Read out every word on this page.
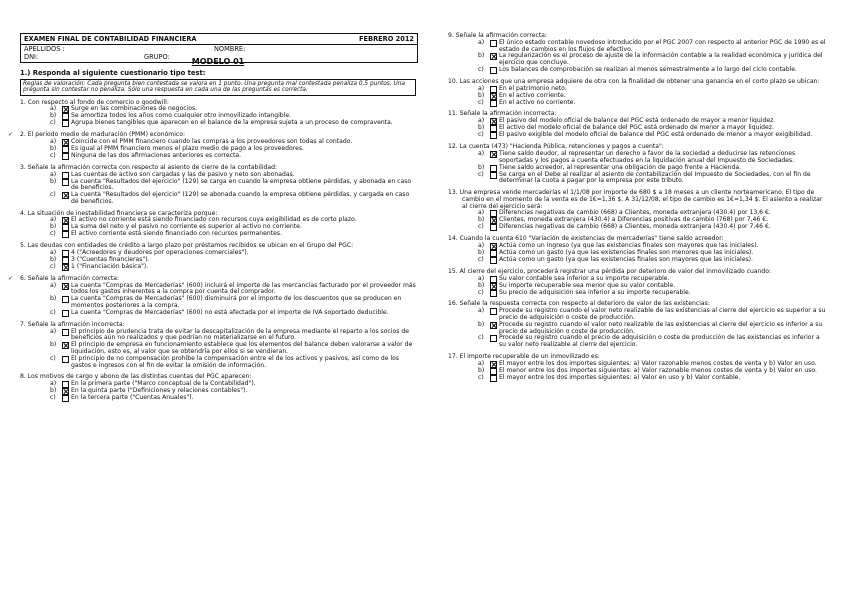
EXAMEN FINAL DE CONTABILIDAD FINANCIERA	FEBRERO 2012
APELLIDOS :	NOMBRE:
DNI:	GRUPO:	MODELO 01
1.) Responda al siguiente cuestionario tipo test:
Reglas de valoración: Cada pregunta bien contestada se valora en 1 punto. Una pregunta mal contestada penaliza 0,5 puntos. Una pregunta sin contestar no penaliza. Sólo una respuesta en cada una de las preguntas es correcta.
1. Con respecto al fondo de comercio o goodwill:
a)	Surge en las combinaciones de negocios.
b)	Se amortiza todos los años como cualquier otro inmovilizado intangible.
c)	Agrupa bienes tangibles que aparecen en el balance de la empresa sujeta a un proceso de compraventa.
✓ 2. El periodo medio de maduración (PMM) económico:
a)	Coincide con el PMM financiero cuando las compras a los proveedores son todas al contado.
b)	Es igual al PMM financiero menos el plazo medio de pago a los proveedores.
c)	Ninguna de las dos afirmaciones anteriores es correcta.
3. Señale la afirmación correcta con respecto al asiento de cierre de la contabilidad:
a)	Las cuentas de activo son cargadas y las de pasivo y neto son abonadas.
b)	La cuenta "Resultados del ejercicio" (129) se carga en cuando la empresa obtiene pérdidas, y abonada en caso de beneficios.
c)	La cuenta "Resultados del ejercicio" (129) se abonada cuando la empresa obtiene pérdidas, y cargada en caso de beneficios.
4. La situación de inestabilidad financiera se caracteriza porque:
a)	El activo no corriente está siendo financiado con recursos cuya exigibilidad es de corto plazo.
b)	La suma del neto y el pasivo no corriente es superior al activo no corriente.
c)	El activo corriente está siendo financiado con recursos permanentes.
5. Las deudas con entidades de crédito a largo plazo por préstamos recibidos se ubican en el Grupo del PGC:
a)	4 ("Acreedores y deudores por operaciones comerciales").
b)	3 ("Cuentas financieras").
c)	1 ("Financiación básica").
✓ 6. Señale la afirmación correcta:
a)	La cuenta "Compras de Mercaderías" (600) incluirá el importe de las mercancías facturado por el proveedor más todos los gastos inherentes a la compra por cuenta del comprador.
b)	La cuenta "Compras de Mercaderías" (600) disminuirá por el importe de los descuentos que se producen en momentos posteriores a la compra.
c)	La cuenta "Compras de Mercaderías" (600) no está afectada por el importe de IVA soportado deducible.
7. Señale la afirmación incorrecta:
a)	El principio de prudencia trata de evitar la descapitalización de la empresa mediante el reparto a los socios de beneficios aún no realizados y que podrían no materializarse en el futuro.
b)	El principio de empresa en funcionamiento establece que los elementos del balance deben valorarse a valor de liquidación, esto es, al valor que se obtendría por ellos si se vendieran.
c)	El principio de no compensación prohíbe la compensación entre el de los activos y pasivos, así como de los gastos e ingresos con el fin de evitar la omisión de información.
8. Los motivos de cargo y abono de las distintas cuentas del PGC aparecen:
a)	En la primera parte ("Marco conceptual de la Contabilidad").
b)	En la quinta parte ("Definiciones y relaciones contables").
c)	En la tercera parte ("Cuentas Anuales").
9. Señale la afirmación correcta:
a)	El único estado contable novedoso introducido por el PGC 2007 con respecto al anterior PGC de 1990 es el estado de cambios en los flujos de efectivo.
b)	La regularización es el proceso de ajuste de la información contable a la realidad económica y jurídica del ejercicio que concluye.
c)	Los balances de comprobación se realizan al menos semestralmente a lo largo del ciclo contable.
10. Las acciones que una empresa adquiere de otra con la finalidad de obtener una ganancia en el corto plazo se ubican:
a)	En el patrimonio neto.
b)	En el activo corriente.
c)	En el activo no corriente.
11. Señale la afirmación incorrecta:
a)	El pasivo del modelo oficial de balance del PGC está ordenado de mayor a menor liquidez.
b)	El activo del modelo oficial de balance del PGC está ordenado de menor a mayor liquidez.
c)	El pasivo exigible del modelo oficial de balance del PGC está ordenado de menor a mayor exigibilidad.
12. La cuenta (473) "Hacienda Pública, retenciones y pagos a cuenta":
a)	Tiene saldo deudor, al representar un derecho a favor de la sociedad a deducirse las retenciones soportadas y los pagos a cuenta efectuados en la liquidación anual del Impuesto de Sociedades.
b)	Tiene saldo acreedor, al representar una obligación de pago frente a Hacienda.
c)	Se carga en el Debe al realizar el asiento de contabilización del Impuesto de Sociedades, con el fin de determinar la cuota a pagar por la empresa por este tributo.
13. Una empresa vende mercaderías el 1/1/08 por importe de 680 $ a 18 meses a un cliente norteamericano. El tipo de cambio en el momento de la venta es de 1€=1,36 $. A 31/12/08, el tipo de cambio es 1€=1,34 $. El asiento a realizar al cierre del ejercicio será:
a)	Diferencias negativas de cambio (668) a Clientes, moneda extranjera (430.4) por 13,6 €.
b)	Clientes, moneda extranjera (430.4) a Diferencias positivas de cambio (768) por 7,46 €.
c)	Diferencias negativas de cambio (668) a Clientes, moneda extranjera (430.4) por 7,46 €.
14. Cuando la cuenta 610 "Variación de existencias de mercaderías" tiene saldo acreedor:
a)	Actúa como un ingreso (ya que las existencias finales son mayores que las iniciales).
b)	Actúa como un gasto (ya que las existencias finales son menores que las iniciales).
c)	Actúa como un gasto (ya que las existencias finales son mayores que las iniciales).
15. Al cierre del ejercicio, procederá registrar una pérdida por deterioro de valor del inmovilizado cuando:
a)	Su valor contable sea inferior a su importe recuperable.
b)	Su importe recuperable sea menor que su valor contable.
c)	Su precio de adquisición sea inferior a su importe recuperable.
16. Señale la respuesta correcta con respecto al deterioro de valor de las existencias:
a)	Procede su registro cuando el valor neto realizable de las existencias al cierre del ejercicio es superior a su precio de adquisición o coste de producción.
b)	Procede su registro cuando el valor neto realizable de las existencias al cierre del ejercicio es inferior a su precio de adquisición o coste de producción.
c)	Procede su registro cuando el precio de adquisición o coste de producción de las existencias es inferior a su valor neto realizable al cierre del ejercicio.
17. El importe recuperable de un inmovilizado es:
a)	El mayor entre los dos importes siguientes: a) Valor razonable menos costes de venta y b) Valor en uso.
b)	El menor entre los dos importes siguientes: a) Valor razonable menos costes de venta y b) Valor en uso.
c)	El mayor entre los dos importes siguientes: a) Valor en uso y b) Valor contable.
